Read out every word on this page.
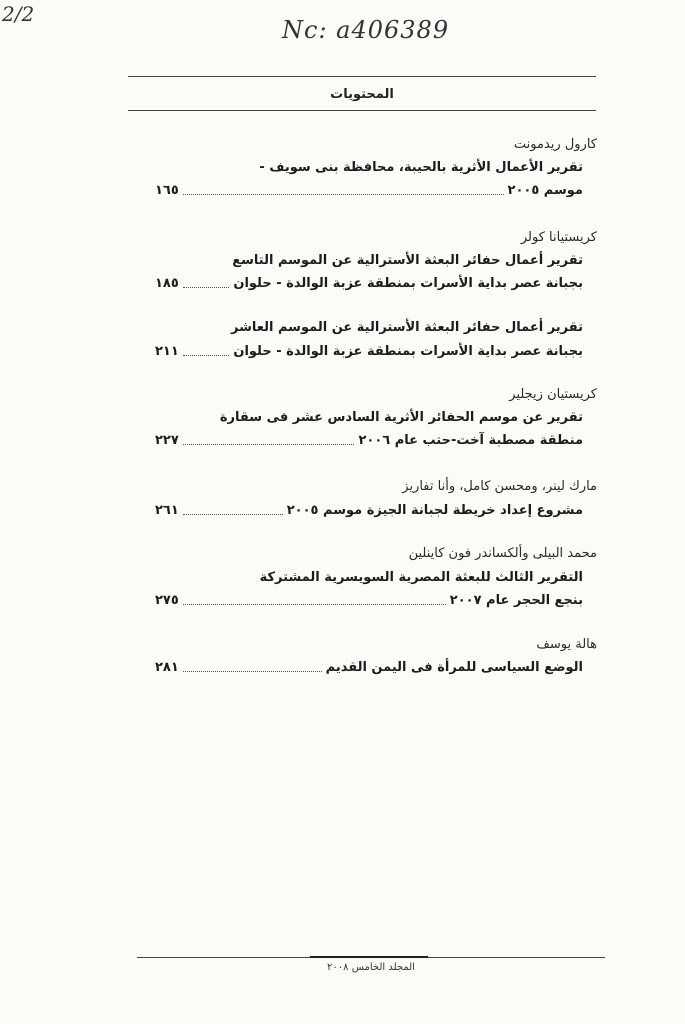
2/2
Nc: a406389
المحتويات
كارول ريدمونت
تقرير الأعمال الأثرية بالحيبة، محافظة بنى سويف -
موسم ٢٠٠٥
١٦٥
كريستيانا كولر
تقرير أعمال حفائر البعثة الأسترالية عن الموسم التاسع
بجبانة عصر بداية الأسرات بمنطقة عزبة الوالدة - حلوان
١٨٥
تقرير أعمال حفائر البعثة الأسترالية عن الموسم العاشر
بجبانة عصر بداية الأسرات بمنطقة عزبة الوالدة - حلوان
٢١١
كريستيان زيجلير
تقرير عن موسم الحفائر الأثرية السادس عشر فى سقارة
منطقة مصطبة آخت-حتب عام ٢٠٠٦
٢٢٧
مارك لينر، ومحسن كامل، وأنا تفاريز
مشروع إعداد خريطة لجبانة الجيزة موسم ٢٠٠٥
٢٦١
محمد البيلى وألكساندر فون كاينلين
التقرير الثالث للبعثة المصرية السويسرية المشتركة
بنجع الحجر عام ٢٠٠٧
٢٧٥
هالة يوسف
الوضع السياسى للمرأة فى اليمن القديم
٢٨١
المجلد الخامس ٢٠٠٨
